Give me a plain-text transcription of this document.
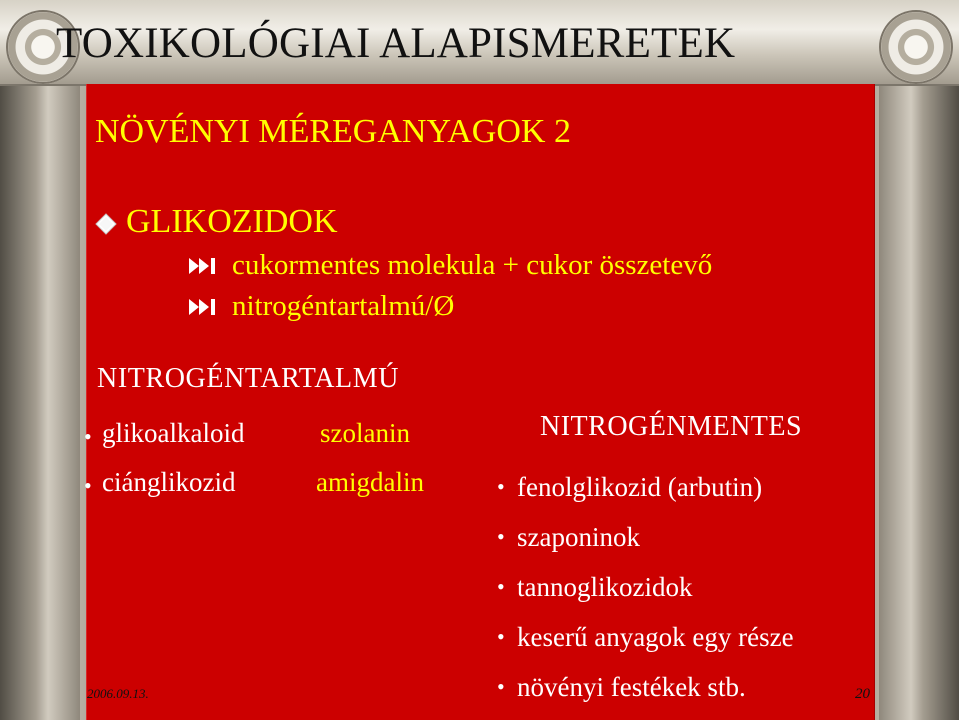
TOXIKOLÓGIAI ALAPISMERETEK
NÖVÉNYI MÉREGANYAGOK 2
GLIKOZIDOK
cukormentes molekula + cukor összetevő
nitrogéntartalmú/Ø
NITROGÉNTARTALMÚ
• glikoalkaloid	szolanin
• ciánglikozid	amigdalin
NITROGÉNMENTES
• fenolglikozid (arbutin)
• szaponinok
• tannoglikozidok
• keserű anyagok egy része
• növényi festékek stb.
2006.09.13.	20
